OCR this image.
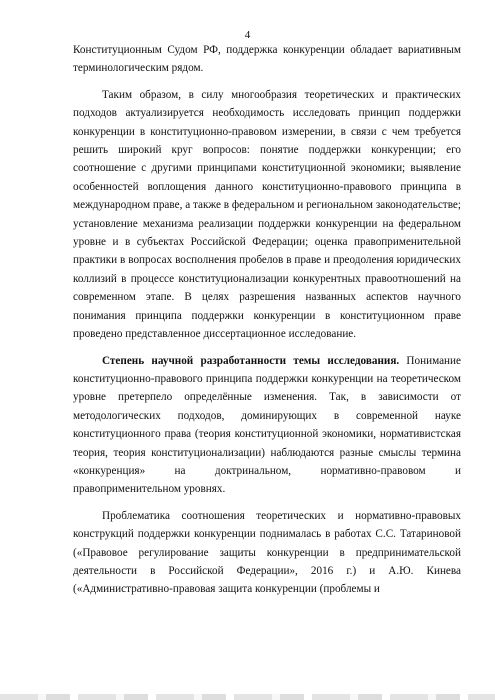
4

Конституционным Судом РФ, поддержка конкуренции обладает вариативным терминологическим рядом.

Таким образом, в силу многообразия теоретических и практических подходов актуализируется необходимость исследовать принцип поддержки конкуренции в конституционно-правовом измерении, в связи с чем требуется решить широкий круг вопросов: понятие поддержки конкуренции; его соотношение с другими принципами конституционной экономики; выявление особенностей воплощения данного конституционно-правового принципа в международном праве, а также в федеральном и региональном законодательстве; установление механизма реализации поддержки конкуренции на федеральном уровне и в субъектах Российской Федерации; оценка правоприменительной практики в вопросах восполнения пробелов в праве и преодоления юридических коллизий в процессе конституционализации конкурентных правоотношений на современном этапе. В целях разрешения названных аспектов научного понимания принципа поддержки конкуренции в конституционном праве проведено представленное диссертационное исследование.

Степень научной разработанности темы исследования. Понимание конституционно-правового принципа поддержки конкуренции на теоретическом уровне претерпело определённые изменения. Так, в зависимости от методологических подходов, доминирующих в современной науке конституционного права (теория конституционной экономики, нормативистская теория, теория конституционализации) наблюдаются разные смыслы термина «конкуренция» на доктринальном, нормативно-правовом и правоприменительном уровнях.

Проблематика соотношения теоретических и нормативно-правовых конструкций поддержки конкуренции поднималась в работах С.С. Татариновой («Правовое регулирование защиты конкуренции в предпринимательской деятельности в Российской Федерации», 2016 г.) и А.Ю. Кинева («Административно-правовая защита конкуренции (проблемы и
